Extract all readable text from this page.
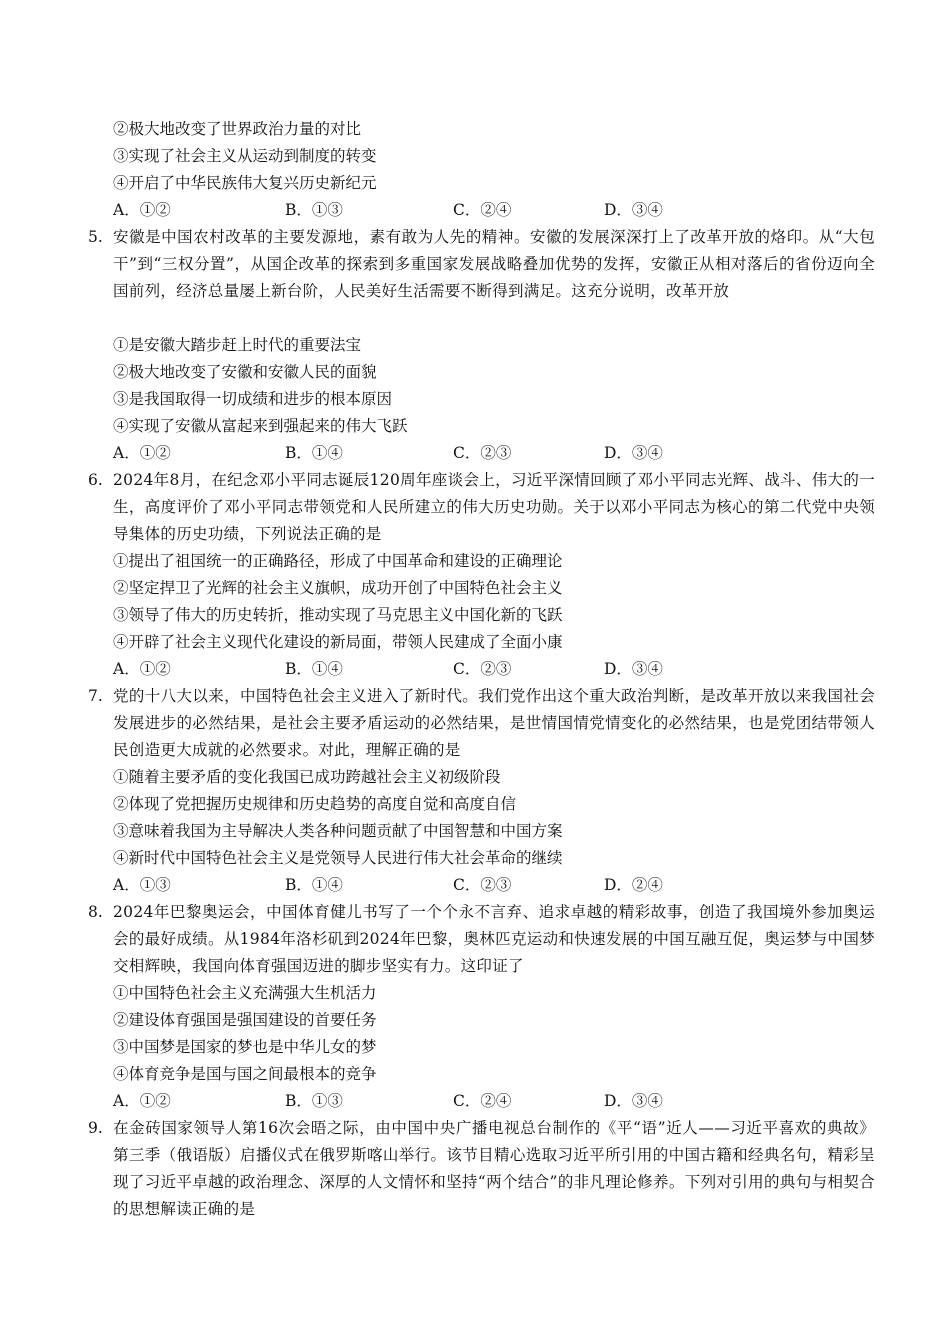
②极大地改变了世界政治力量的对比
③实现了社会主义从运动到制度的转变
④开启了中华民族伟大复兴历史新纪元
A．①②	B．①③	C．②④	D．③④
5. 安徽是中国农村改革的主要发源地，素有敢为人先的精神。安徽的发展深深打上了改革开放的烙印。从“大包干”到“三权分置”，从国企改革的探索到多重国家发展战略叠加优势的发挥，安徽正从相对落后的省份迈向全国前列，经济总量屡上新台阶，人民美好生活需要不断得到满足。这充分说明，改革开放
①是安徽大踏步赶上时代的重要法宝
②极大地改变了安徽和安徽人民的面貌
③是我国取得一切成绩和进步的根本原因
④实现了安徽从富起来到强起来的伟大飞跃
A．①②	B．①④	C．②③	D．③④
6. 2024年8月，在纪念邓小平同志诞辰120周年座谈会上，习近平深情回顾了邓小平同志光辉、战斗、伟大的一生，高度评价了邓小平同志带领党和人民所建立的伟大历史功勋。关于以邓小平同志为核心的第二代党中央领导集体的历史功绩，下列说法正确的是
①提出了祖国统一的正确路径，形成了中国革命和建设的正确理论
②坚定捍卫了光辉的社会主义旗帜，成功开创了中国特色社会主义
③领导了伟大的历史转折，推动实现了马克思主义中国化新的飞跃
④开辟了社会主义现代化建设的新局面，带领人民建成了全面小康
A．①②	B．①④	C．②③	D．③④
7. 党的十八大以来，中国特色社会主义进入了新时代。我们党作出这个重大政治判断，是改革开放以来我国社会发展进步的必然结果，是社会主要矛盾运动的必然结果，是世情国情党情变化的必然结果，也是党团结带领人民创造更大成就的必然要求。对此，理解正确的是
①随着主要矛盾的变化我国已成功跨越社会主义初级阶段
②体现了党把握历史规律和历史趋势的高度自觉和高度自信
③意味着我国为主导解决人类各种问题贡献了中国智慧和中国方案
④新时代中国特色社会主义是党领导人民进行伟大社会革命的继续
A．①③	B．①④	C．②③	D．②④
8. 2024年巴黎奥运会，中国体育健儿书写了一个个永不言弃、追求卓越的精彩故事，创造了我国境外参加奥运会的最好成绩。从1984年洛杉矶到2024年巴黎，奥林匹克运动和快速发展的中国互融互促，奥运梦与中国梦交相辉映，我国向体育强国迈进的脚步坚实有力。这印证了
①中国特色社会主义充满强大生机活力
②建设体育强国是强国建设的首要任务
③中国梦是国家的梦也是中华儿女的梦
④体育竞争是国与国之间最根本的竞争
A．①②	B．①③	C．②④	D．③④
9. 在金砖国家领导人第16次会晤之际，由中国中央广播电视总台制作的《平“语”近人——习近平喜欢的典故》第三季（俄语版）启播仪式在俄罗斯喀山举行。该节目精心选取习近平所引用的中国古籍和经典名句，精彩呈现了习近平卓越的政治理念、深厚的人文情怀和坚持“两个结合”的非凡理论修养。下列对引用的典句与相契合的思想解读正确的是
